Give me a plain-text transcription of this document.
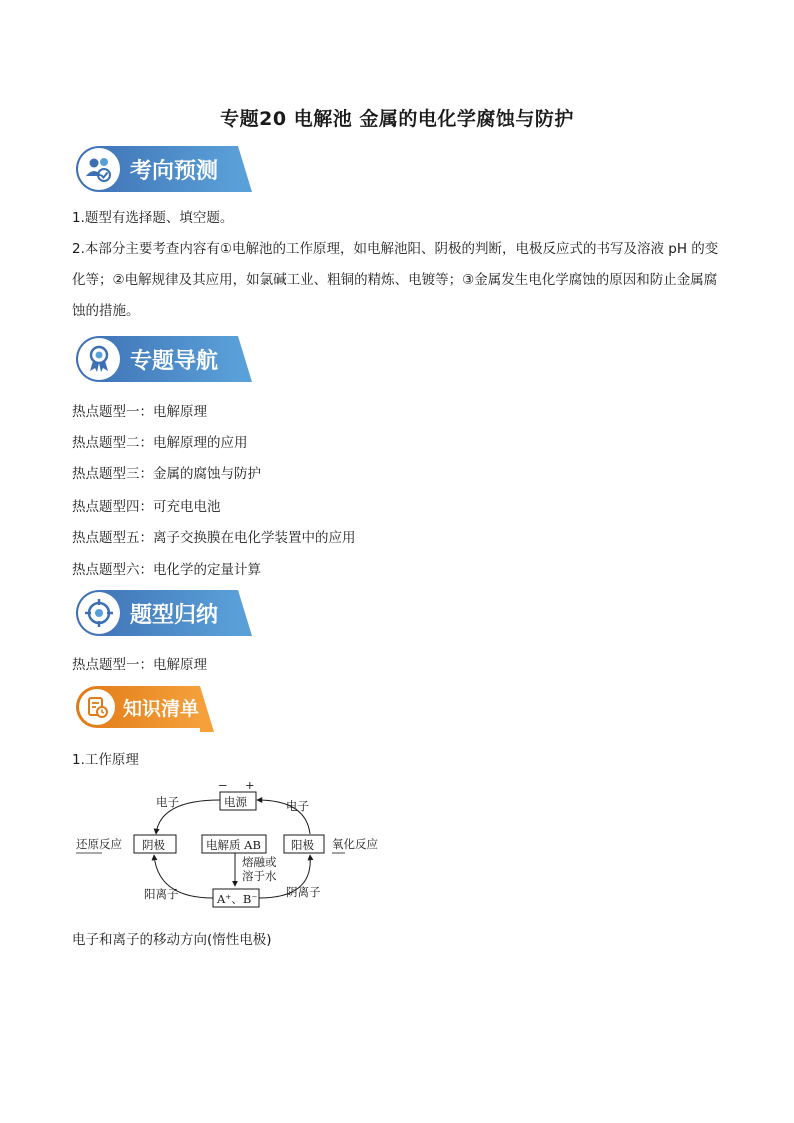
专题20 电解池 金属的电化学腐蚀与防护
考向预测
1.题型有选择题、填空题。
2.本部分主要考查内容有①电解池的工作原理，如电解池阳、阴极的判断，电极反应式的书写及溶液 pH 的变化等；②电解规律及其应用，如氯碱工业、粗铜的精炼、电镀等；③金属发生电化学腐蚀的原因和防止金属腐蚀的措施。
专题导航
热点题型一：电解原理
热点题型二：电解原理的应用
热点题型三：金属的腐蚀与防护
热点题型四：可充电电池
热点题型五：离子交换膜在电化学装置中的应用
热点题型六：电化学的定量计算
题型归纳
热点题型一：电解原理
知识清单
1.工作原理
电源
− +
电子	电子
还原反应 阴极	电解质 AB	阳极 氧化反应
熔融或
溶于水
A⁺、B⁻
阳离子	阴离子
电子和离子的移动方向(惰性电极)
